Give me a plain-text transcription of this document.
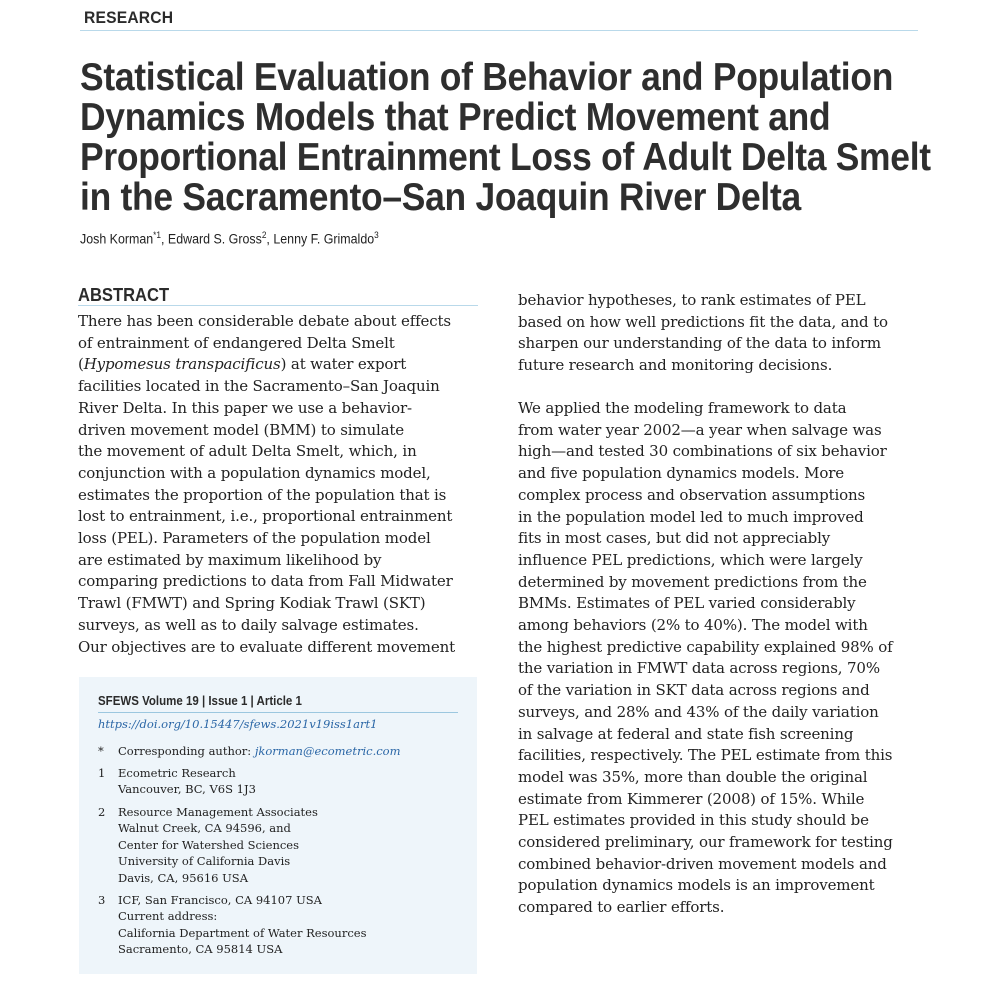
RESEARCH
Statistical Evaluation of Behavior and Population
Dynamics Models that Predict Movement and
Proportional Entrainment Loss of Adult Delta Smelt
in the Sacramento–San Joaquin River Delta
Josh Korman$^{*1}$, Edward S. Gross$^2$, Lenny F. Grimaldo$^3$
ABSTRACT
There has been considerable debate about effects
of entrainment of endangered Delta Smelt
(Hypomesus transpacificus) at water export
facilities located in the Sacramento–San Joaquin
River Delta. In this paper we use a behavior-
driven movement model (BMM) to simulate
the movement of adult Delta Smelt, which, in
conjunction with a population dynamics model,
estimates the proportion of the population that is
lost to entrainment, i.e., proportional entrainment
loss (PEL). Parameters of the population model
are estimated by maximum likelihood by
comparing predictions to data from Fall Midwater
Trawl (FMWT) and Spring Kodiak Trawl (SKT)
surveys, as well as to daily salvage estimates.
Our objectives are to evaluate different movement
behavior hypotheses, to rank estimates of PEL
based on how well predictions fit the data, and to
sharpen our understanding of the data to inform
future research and monitoring decisions.
We applied the modeling framework to data
from water year 2002—a year when salvage was
high—and tested 30 combinations of six behavior
and five population dynamics models. More
complex process and observation assumptions
in the population model led to much improved
fits in most cases, but did not appreciably
influence PEL predictions, which were largely
determined by movement predictions from the
BMMs. Estimates of PEL varied considerably
among behaviors (2% to 40%). The model with
the highest predictive capability explained 98% of
the variation in FMWT data across regions, 70%
of the variation in SKT data across regions and
surveys, and 28% and 43% of the daily variation
in salvage at federal and state fish screening
facilities, respectively. The PEL estimate from this
model was 35%, more than double the original
estimate from Kimmerer (2008) of 15%. While
PEL estimates provided in this study should be
considered preliminary, our framework for testing
combined behavior-driven movement models and
population dynamics models is an improvement
compared to earlier efforts.
SFEWS Volume 19 | Issue 1 | Article 1
https://doi.org/10.15447/sfews.2021v19iss1art1
* Corresponding author: jkorman@ecometric.com
1 Ecometric Research
Vancouver, BC, V6S 1J3
2 Resource Management Associates
Walnut Creek, CA 94596, and
Center for Watershed Sciences
University of California Davis
Davis, CA, 95616 USA
3 ICF, San Francisco, CA 94107 USA
Current address:
California Department of Water Resources
Sacramento, CA 95814 USA
